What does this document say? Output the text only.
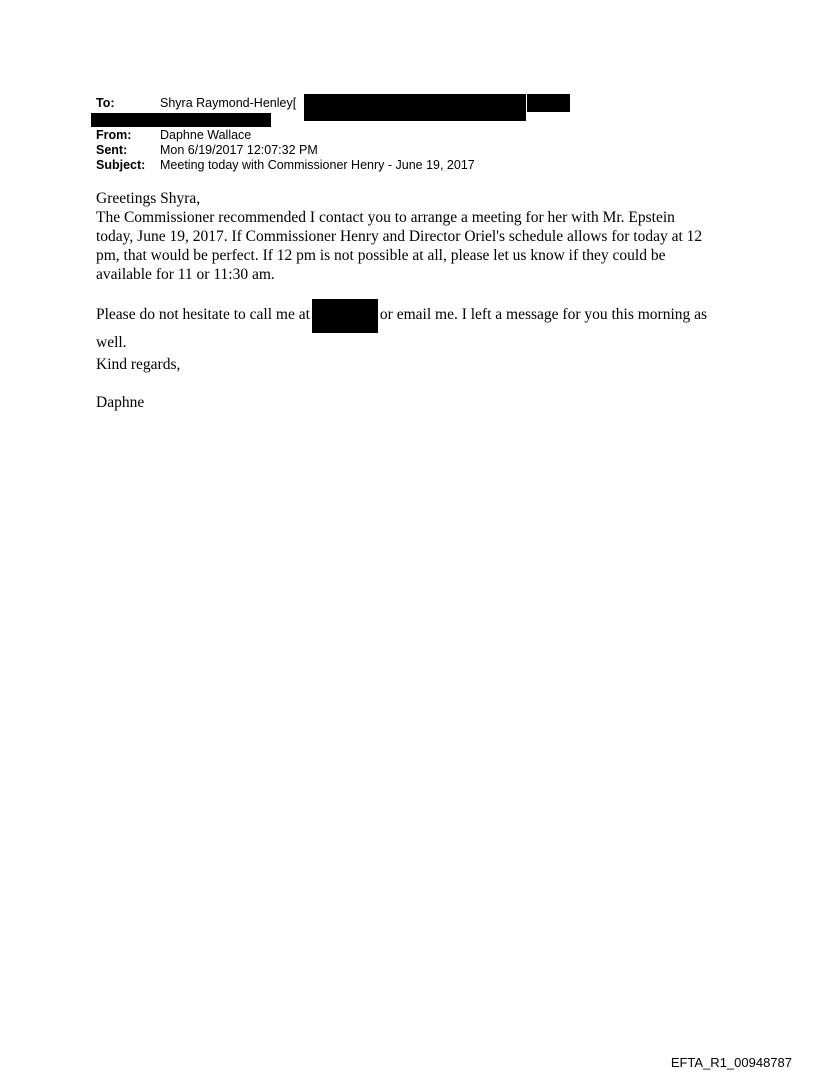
To:	Shyra Raymond-Henley[
From: Daphne Wallace
Sent:	Mon 6/19/2017 12:07:32 PM
Subject: Meeting today with Commissioner Henry - June 19, 2017

Greetings Shyra,

The Commissioner recommended I contact you to arrange a meeting for her with Mr. Epstein today, June 19, 2017. If Commissioner Henry and Director Oriel's schedule allows for today at 12 pm, that would be perfect. If 12 pm is not possible at all, please let us know if they could be available for 11 or 11:30 am.

Please do not hesitate to call me at	or email me. I left a message for you this morning as well.
Kind regards,
Daphne
EFTA_R1_00948787
